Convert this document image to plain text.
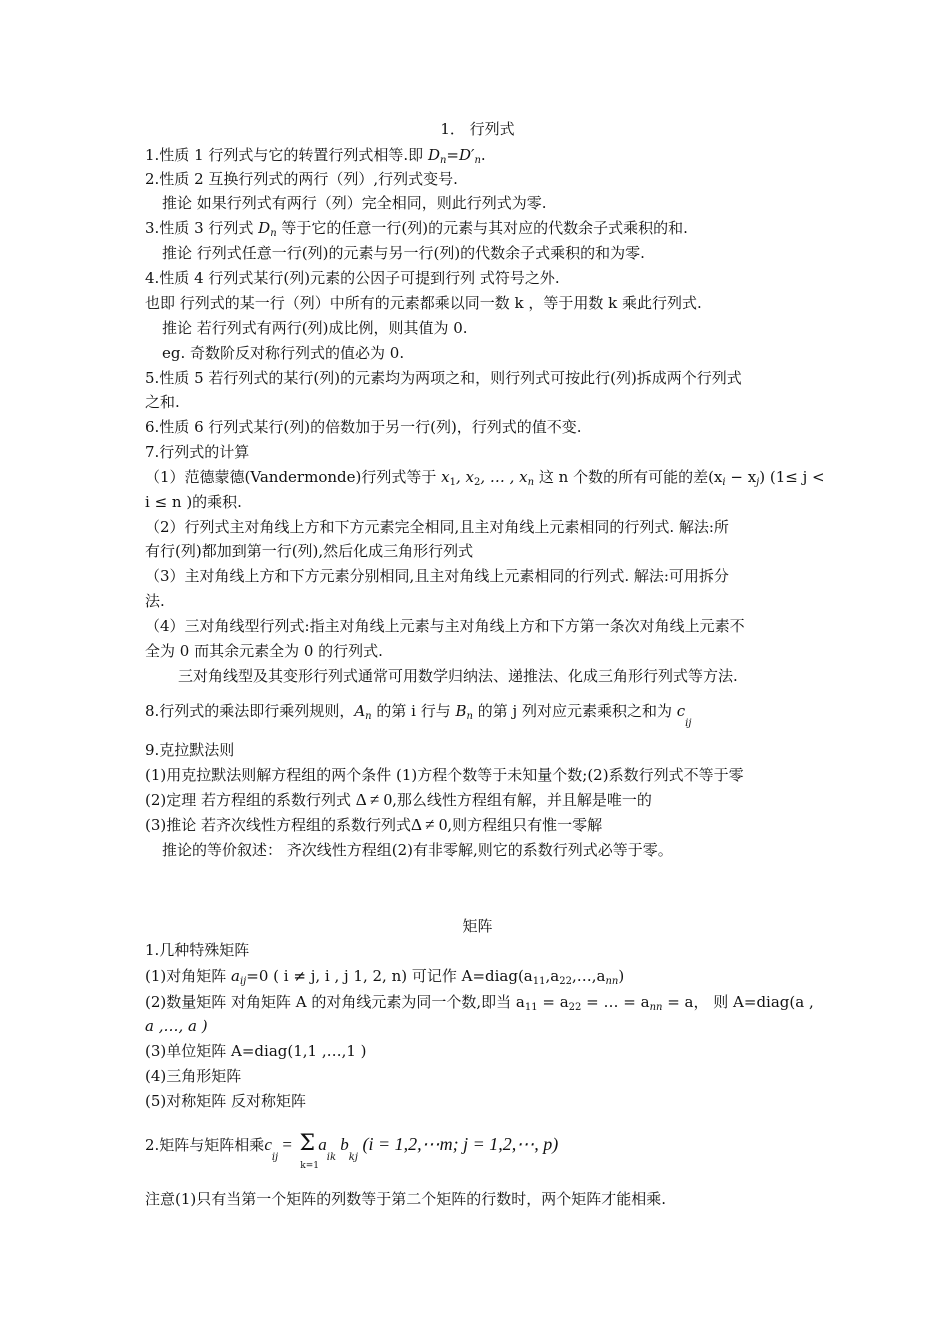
1． 行列式
1.性质 1 行列式与它的转置行列式相等.即 $D_n=D'_n$.
2.性质 2 互换行列式的两行（列）,行列式变号.
推论 如果行列式有两行（列）完全相同，则此行列式为零.
3.性质 3 行列式 $D_n$ 等于它的任意一行(列)的元素与其对应的代数余子式乘积的和.
推论 行列式任意一行(列)的元素与另一行(列)的代数余子式乘积的和为零.
4.性质 4 行列式某行(列)元素的公因子可提到行列 式符号之外.
也即 行列式的某一行（列）中所有的元素都乘以同一数 k ，等于用数 k 乘此行列式.
推论 若行列式有两行(列)成比例，则其值为 0.
eg. 奇数阶反对称行列式的值必为 0.
5.性质 5 若行列式的某行(列)的元素均为两项之和，则行列式可按此行(列)拆成两个行列式
之和.
6.性质 6 行列式某行(列)的倍数加于另一行(列)，行列式的值不变.
7.行列式的计算
（1）范德蒙德(Vandermonde)行列式等于 $x_1$, $x_2$, … , $x_n$ 这 n 个数的所有可能的差$(x_i - x_j)$ (1≤ j <
i ≤ n )的乘积.
（2）行列式主对角线上方和下方元素完全相同,且主对角线上元素相同的行列式. 解法:所
有行(列)都加到第一行(列),然后化成三角形行列式
（3）主对角线上方和下方元素分别相同,且主对角线上元素相同的行列式. 解法:可用拆分
法.
（4）三对角线型行列式:指主对角线上元素与主对角线上方和下方第一条次对角线上元素不
全为 0 而其余元素全为 0 的行列式.
三对角线型及其变形行列式通常可用数学归纳法、递推法、化成三角形行列式等方法.
8.行列式的乘法即行乘列规则，$A_n$ 的第 i 行与 $B_n$ 的第 j 列对应元素乘积之和为 $c_{ij}$
9.克拉默法则
(1)用克拉默法则解方程组的两个条件 (1)方程个数等于未知量个数;(2)系数行列式不等于零
(2)定理 若方程组的系数行列式 Δ ≠ 0,那么线性方程组有解，并且解是唯一的
(3)推论 若齐次线性方程组的系数行列式Δ ≠ 0,则方程组只有惟一零解
推论的等价叙述： 齐次线性方程组(2)有非零解,则它的系数行列式必等于零。
矩阵
1.几种特殊矩阵
(1)对角矩阵 $a_{ij}=0$ ( i ≠ j, i , j 1, 2, n) 可记作 $A=diag(a_{11},a_{22},\dots,a_{nn})$
(2)数量矩阵 对角矩阵 A 的对角线元素为同一个数,即当 $a_{11} = a_{22}$ = … = $a_{nn} = a$， 则 A=diag(a ,
a ,…, a )
(3)单位矩阵 A=diag(1,1 ,…,1 )
(4)三角形矩阵
(5)对称矩阵 反对称矩阵
2.矩阵与矩阵相乘$c_{ij} = \Sigma$
k=1
$a_{ik}$ $b_{kj}$ (i = 1,2,⋯m; j = 1,2,⋯, p)
注意(1)只有当第一个矩阵的列数等于第二个矩阵的行数时，两个矩阵才能相乘.
